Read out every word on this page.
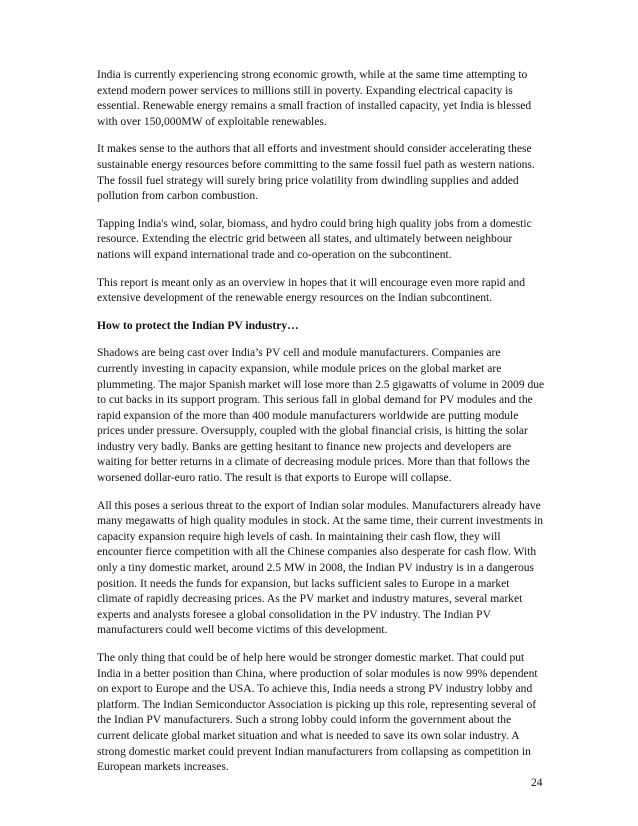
India is currently experiencing strong economic growth, while at the same time attempting to
extend modern power services to millions still in poverty. Expanding electrical capacity is
essential. Renewable energy remains a small fraction of installed capacity, yet India is blessed
with over 150,000MW of exploitable renewables.
It makes sense to the authors that all efforts and investment should consider accelerating these
sustainable energy resources before committing to the same fossil fuel path as western nations.
The fossil fuel strategy will surely bring price volatility from dwindling supplies and added
pollution from carbon combustion.
Tapping India's wind, solar, biomass, and hydro could bring high quality jobs from a domestic
resource. Extending the electric grid between all states, and ultimately between neighbour
nations will expand international trade and co-operation on the subcontinent.
This report is meant only as an overview in hopes that it will encourage even more rapid and
extensive development of the renewable energy resources on the Indian subcontinent.
How to protect the Indian PV industry…
Shadows are being cast over India’s PV cell and module manufacturers. Companies are
currently investing in capacity expansion, while module prices on the global market are
plummeting. The major Spanish market will lose more than 2.5 gigawatts of volume in 2009 due
to cut backs in its support program. This serious fall in global demand for PV modules and the
rapid expansion of the more than 400 module manufacturers worldwide are putting module
prices under pressure. Oversupply, coupled with the global financial crisis, is hitting the solar
industry very badly. Banks are getting hesitant to finance new projects and developers are
waiting for better returns in a climate of decreasing module prices. More than that follows the
worsened dollar-euro ratio. The result is that exports to Europe will collapse.
All this poses a serious threat to the export of Indian solar modules. Manufacturers already have
many megawatts of high quality modules in stock. At the same time, their current investments in
capacity expansion require high levels of cash. In maintaining their cash flow, they will
encounter fierce competition with all the Chinese companies also desperate for cash flow. With
only a tiny domestic market, around 2.5 MW in 2008, the Indian PV industry is in a dangerous
position. It needs the funds for expansion, but lacks sufficient sales to Europe in a market
climate of rapidly decreasing prices. As the PV market and industry matures, several market
experts and analysts foresee a global consolidation in the PV industry. The Indian PV
manufacturers could well become victims of this development.
The only thing that could be of help here would be stronger domestic market. That could put
India in a better position than China, where production of solar modules is now 99% dependent
on export to Europe and the USA. To achieve this, India needs a strong PV industry lobby and
platform. The Indian Semiconductor Association is picking up this role, representing several of
the Indian PV manufacturers. Such a strong lobby could inform the government about the
current delicate global market situation and what is needed to save its own solar industry. A
strong domestic market could prevent Indian manufacturers from collapsing as competition in
European markets increases.
24
